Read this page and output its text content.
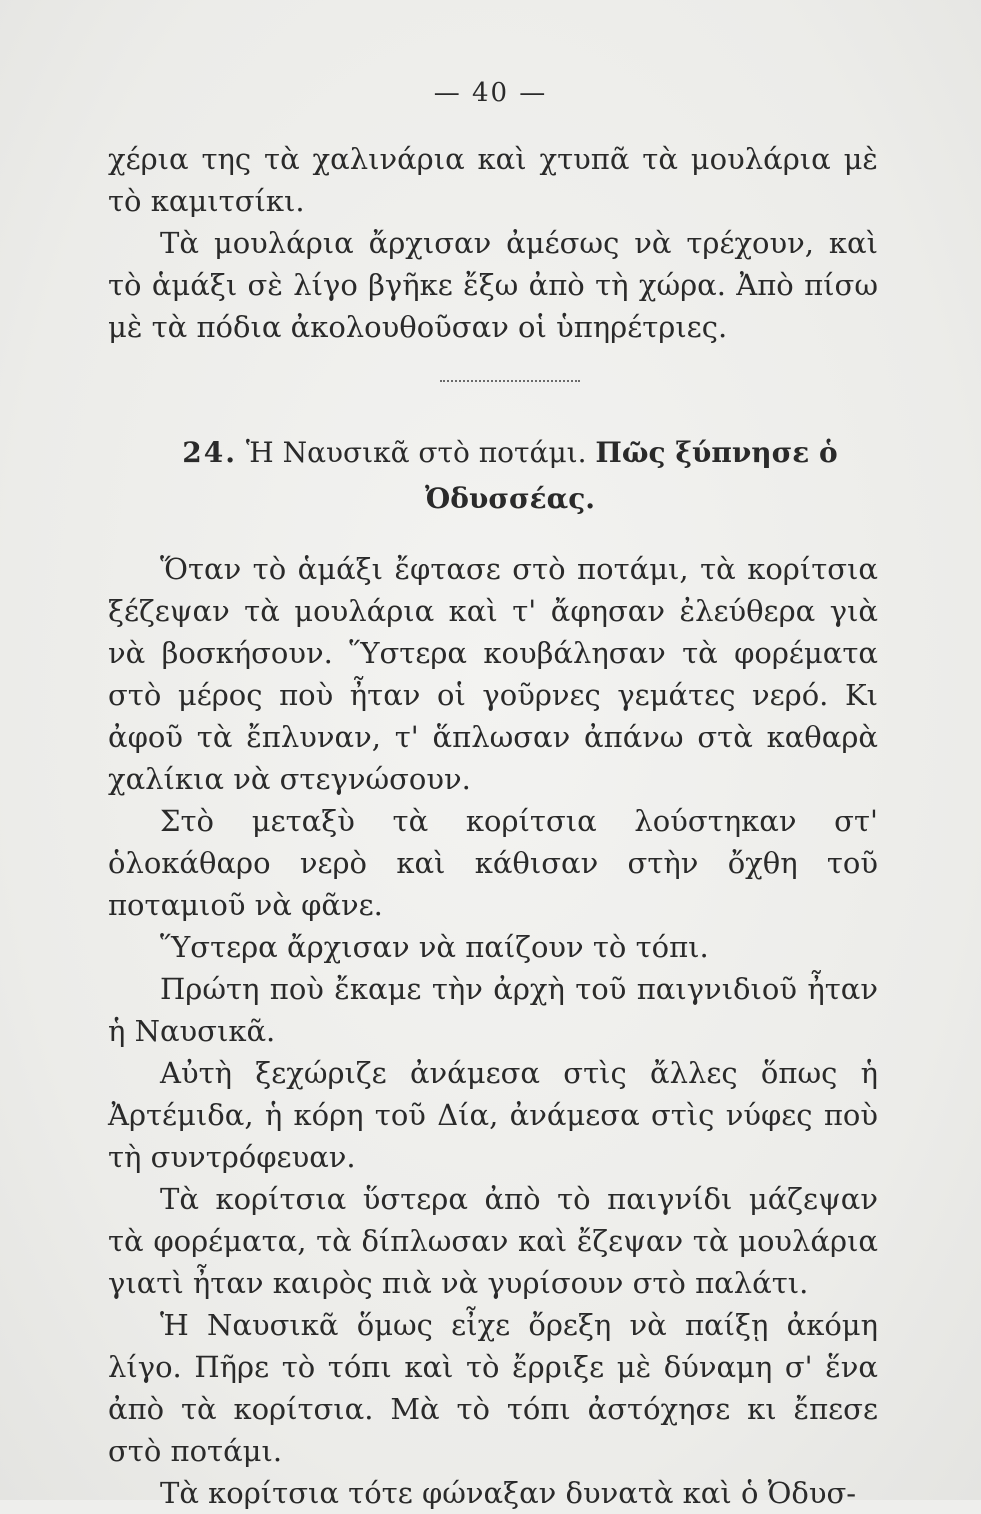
— 40 —

χέρια της τὰ χαλινάρια καὶ χτυπᾶ τὰ μουλάρια μὲ τὸ καμιτσίκι.

Τὰ μουλάρια ἄρχισαν ἀμέσως νὰ τρέχουν, καὶ τὸ ἁμάξι σὲ λίγο βγῆκε ἔξω ἀπὸ τὴ χώρα. Ἀπὸ πίσω μὲ τὰ πόδια ἀκολουθοῦσαν οἱ ὑπηρέτριες.

24. Ἡ Ναυσικᾶ στὸ ποτάμι. Πῶς ξύπνησε ὁ Ὀδυσσέας.

Ὅταν τὸ ἁμάξι ἔφτασε στὸ ποτάμι, τὰ κορίτσια ξέζεψαν τὰ μουλάρια καὶ τ' ἄφησαν ἐλεύθερα γιὰ νὰ βοσκήσουν. Ὕστερα κουβάλησαν τὰ φορέματα στὸ μέρος ποὺ ἦταν οἱ γοῦρνες γεμάτες νερό. Κι ἀφοῦ τὰ ἔπλυναν, τ' ἅπλωσαν ἀπάνω στὰ καθαρὰ χαλίκια νὰ στεγνώσουν.

Στὸ μεταξὺ τὰ κορίτσια λούστηκαν στ' ὁλοκάθαρο νερὸ καὶ κάθισαν στὴν ὄχθη τοῦ ποταμιοῦ νὰ φᾶνε.

Ὕστερα ἄρχισαν νὰ παίζουν τὸ τόπι.

Πρώτη ποὺ ἔκαμε τὴν ἀρχὴ τοῦ παιγνιδιοῦ ἦταν ἡ Ναυσικᾶ.

Αὐτὴ ξεχώριζε ἀνάμεσα στὶς ἄλλες ὅπως ἡ Ἀρτέμιδα, ἡ κόρη τοῦ Δία, ἀνάμεσα στὶς νύφες ποὺ τὴ συντρόφευαν.

Τὰ κορίτσια ὕστερα ἀπὸ τὸ παιγνίδι μάζεψαν τὰ φορέματα, τὰ δίπλωσαν καὶ ἔζεψαν τὰ μουλάρια γιατὶ ἦταν καιρὸς πιὰ νὰ γυρίσουν στὸ παλάτι.

Ἡ Ναυσικᾶ ὅμως εἶχε ὄρεξη νὰ παίξῃ ἀκόμη λίγο. Πῆρε τὸ τόπι καὶ τὸ ἔρριξε μὲ δύναμη σ' ἕνα ἀπὸ τὰ κορίτσια. Μὰ τὸ τόπι ἀστόχησε κι ἔπεσε στὸ ποτάμι.

Τὰ κορίτσια τότε φώναξαν δυνατὰ καὶ ὁ Ὀδυσ-
